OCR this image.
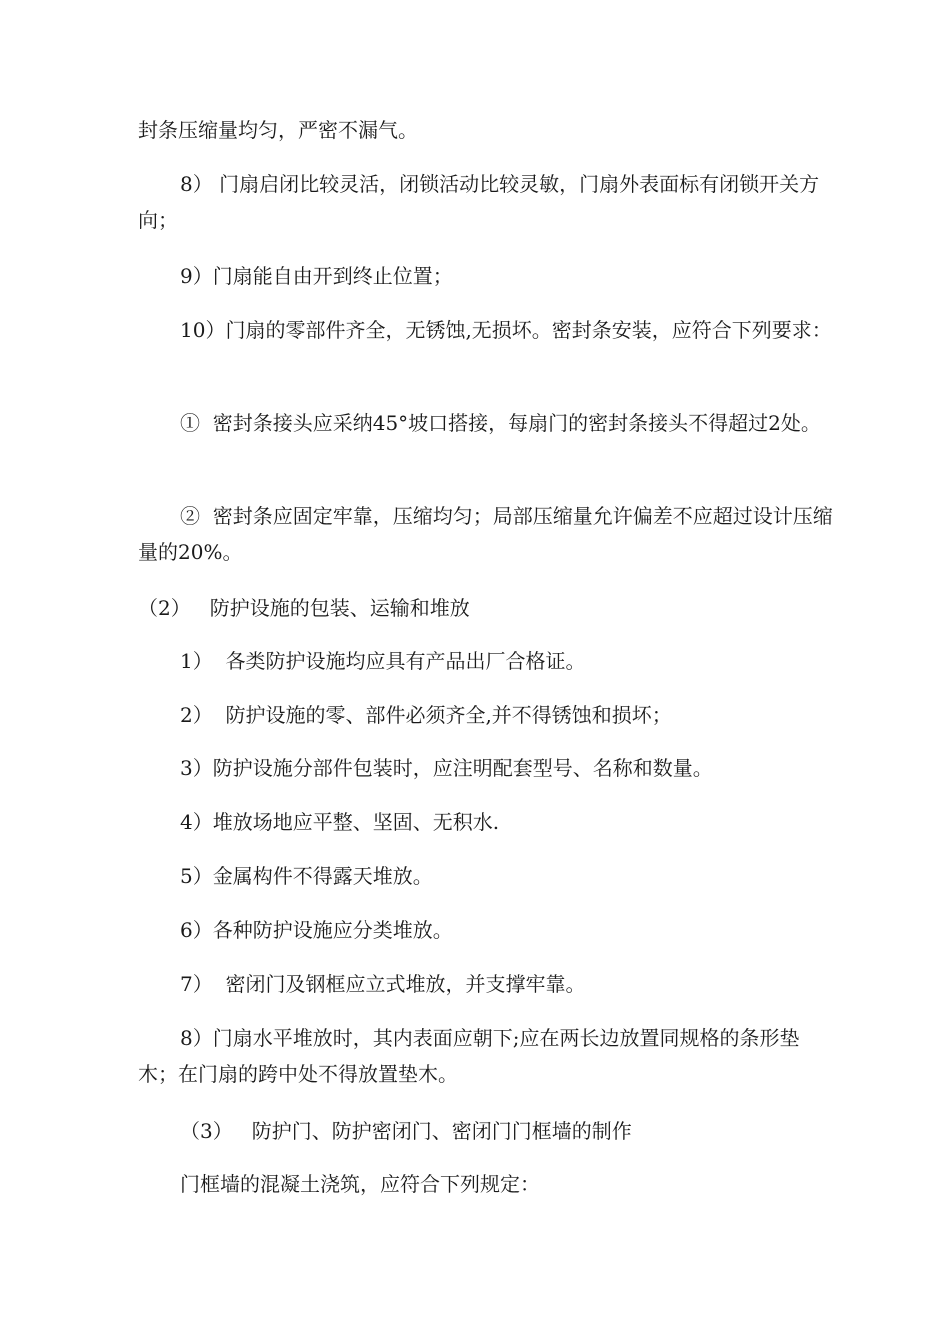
封条压缩量均匀，严密不漏气。

8） 门扇启闭比较灵活，闭锁活动比较灵敏，门扇外表面标有闭锁开关方向；

9）门扇能自由开到终止位置；

10）门扇的零部件齐全，无锈蚀,无损坏。密封条安装，应符合下列要求：

①  密封条接头应采纳45°坡口搭接，每扇门的密封条接头不得超过2处。

②  密封条应固定牢靠，压缩均匀；局部压缩量允许偏差不应超过设计压缩量的20%。

（2）   防护设施的包装、运输和堆放

1）  各类防护设施均应具有产品出厂合格证。

2）  防护设施的零、部件必须齐全,并不得锈蚀和损坏；

3）防护设施分部件包装时，应注明配套型号、名称和数量。

4）堆放场地应平整、坚固、无积水.

5）金属构件不得露天堆放。

6）各种防护设施应分类堆放。

7）  密闭门及钢框应立式堆放，并支撑牢靠。

8）门扇水平堆放时，其内表面应朝下;应在两长边放置同规格的条形垫木；在门扇的跨中处不得放置垫木。

（3）   防护门、防护密闭门、密闭门门框墙的制作

门框墙的混凝土浇筑，应符合下列规定：
